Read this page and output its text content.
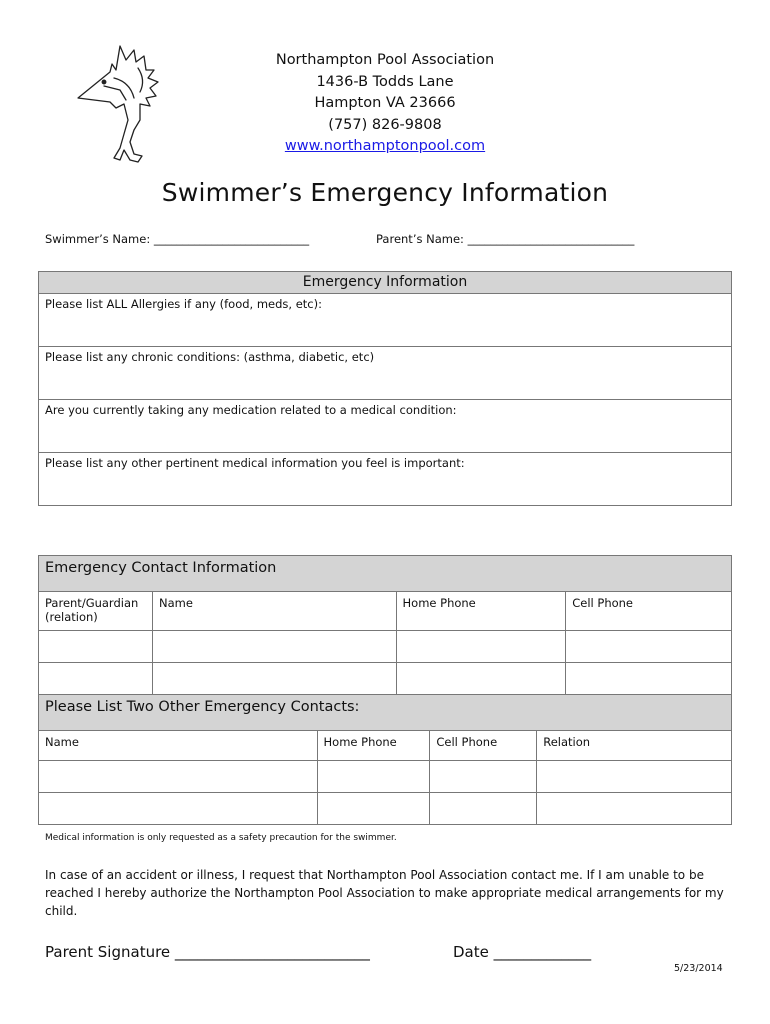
Northampton Pool Association
1436-B Todds Lane
Hampton VA 23666
(757) 826-9808
www.northamptonpool.com
Swimmer’s Emergency Information
Swimmer’s Name: ___________________________	Parent’s Name: _____________________________
Emergency Information
Please list ALL Allergies if any (food, meds, etc):
Please list any chronic conditions: (asthma, diabetic, etc)
Are you currently taking any medication related to a medical condition:
Please list any other pertinent medical information you feel is important:
Emergency Contact Information			
Parent/Guardian (relation)	Name	Home Phone	Cell Phone

Please List Two Other Emergency Contacts:			
Name	Home Phone	Cell Phone	Relation

Medical information is only requested as a safety precaution for the swimmer.
In case of an accident or illness, I request that Northampton Pool Association contact me. If I am unable to be reached I hereby authorize the Northampton Pool Association to make appropriate medical arrangements for my child.
Parent Signature __________________________	Date _____________
5/23/2014
